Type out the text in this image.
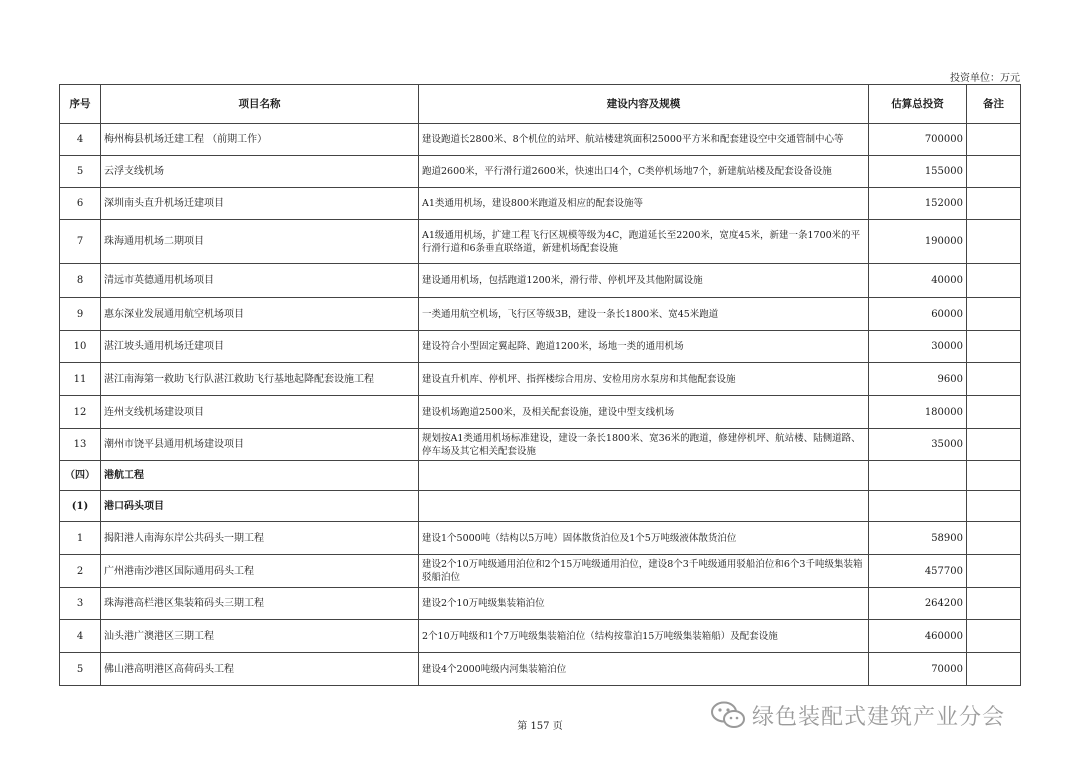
投资单位：万元
序号	项目名称	建设内容及规模	估算总投资	备注
4	梅州梅县机场迁建工程 （前期工作）	建设跑道长2800米、8个机位的站坪、航站楼建筑面积25000平方米和配套建设空中交通管制中心等	700000	
5	云浮支线机场	跑道2600米，平行滑行道2600米，快速出口4个，C类停机场地7个，新建航站楼及配套设备设施	155000	
6	深圳南头直升机场迁建项目	A1类通用机场，建设800米跑道及相应的配套设施等	152000	
7	珠海通用机场二期项目	A1级通用机场，扩建工程飞行区规模等级为4C，跑道延长至2200米，宽度45米，新建一条1700米的平行滑行道和6条垂直联络道，新建机场配套设施	190000	
8	清远市英德通用机场项目	建设通用机场，包括跑道1200米，滑行带、停机坪及其他附属设施	40000	
9	惠东深业发展通用航空机场项目	一类通用航空机场，飞行区等级3B，建设一条长1800米、宽45米跑道	60000	
10	湛江坡头通用机场迁建项目	建设符合小型固定翼起降、跑道1200米，场地一类的通用机场	30000	
11	湛江南海第一救助飞行队湛江救助飞行基地起降配套设施工程	建设直升机库、停机坪、指挥楼综合用房、安检用房水泵房和其他配套设施	9600	
12	连州支线机场建设项目	建设机场跑道2500米，及相关配套设施，建设中型支线机场	180000	
13	潮州市饶平县通用机场建设项目	规划按A1类通用机场标准建设，建设一条长1800米、宽36米的跑道，修建停机坪、航站楼、陆侧道路、停车场及其它相关配套设施	35000	
（四）	港航工程			
(1)	港口码头项目			
1	揭阳港人南海东岸公共码头一期工程	建设1个5000吨（结构以5万吨）固体散货泊位及1个5万吨级液体散货泊位	58900	
2	广州港南沙港区国际通用码头工程	建设2个10万吨级通用泊位和2个15万吨级通用泊位，建设8个3千吨级通用驳船泊位和6个3千吨级集装箱驳船泊位	457700	
3	珠海港高栏港区集装箱码头三期工程	建设2个10万吨级集装箱泊位	264200	
4	汕头港广澳港区三期工程	2个10万吨级和1个7万吨级集装箱泊位（结构按靠泊15万吨级集装箱船）及配套设施	460000	
5	佛山港高明港区高荷码头工程	建设4个2000吨级内河集装箱泊位	70000	
第 157 页	绿色装配式建筑产业分会
